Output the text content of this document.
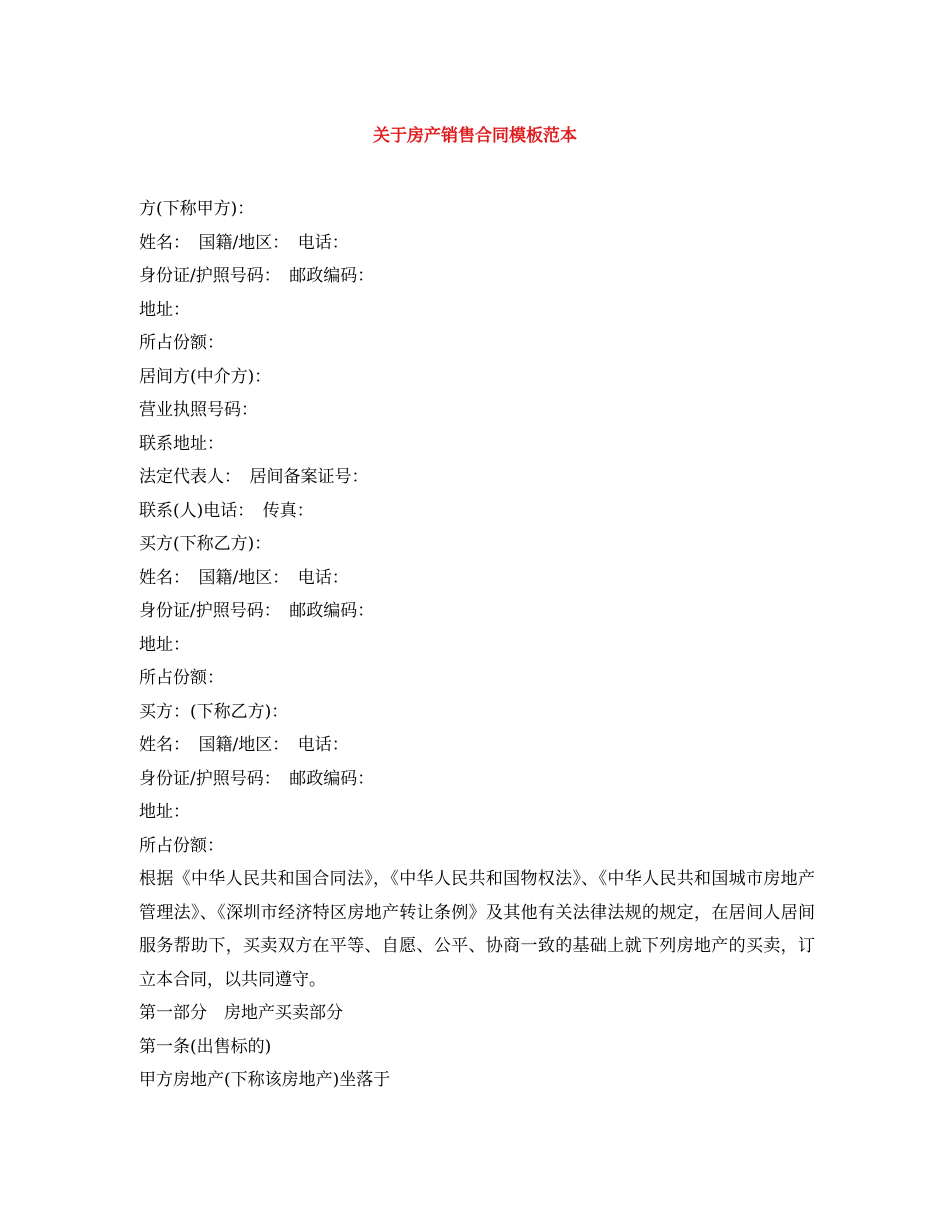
关于房产销售合同模板范本
方(下称甲方)：
姓名：　国籍/地区：　电话：
身份证/护照号码：　邮政编码：
地址：
所占份额：
居间方(中介方)：
营业执照号码：
联系地址：
法定代表人：　居间备案证号：
联系(人)电话：　传真：
买方(下称乙方)：
姓名：　国籍/地区：　电话：
身份证/护照号码：　邮政编码：
地址：
所占份额：
买方：(下称乙方)：
姓名：　国籍/地区：　电话：
身份证/护照号码：　邮政编码：
地址：
所占份额：
根据《中华人民共和国合同法》，《中华人民共和国物权法》、《中华人民共和国城市房地产管理法》、《深圳市经济特区房地产转让条例》及其他有关法律法规的规定，在居间人居间服务帮助下，买卖双方在平等、自愿、公平、协商一致的基础上就下列房地产的买卖，订立本合同，以共同遵守。
第一部分　房地产买卖部分
第一条(出售标的)
甲方房地产(下称该房地产)坐落于
